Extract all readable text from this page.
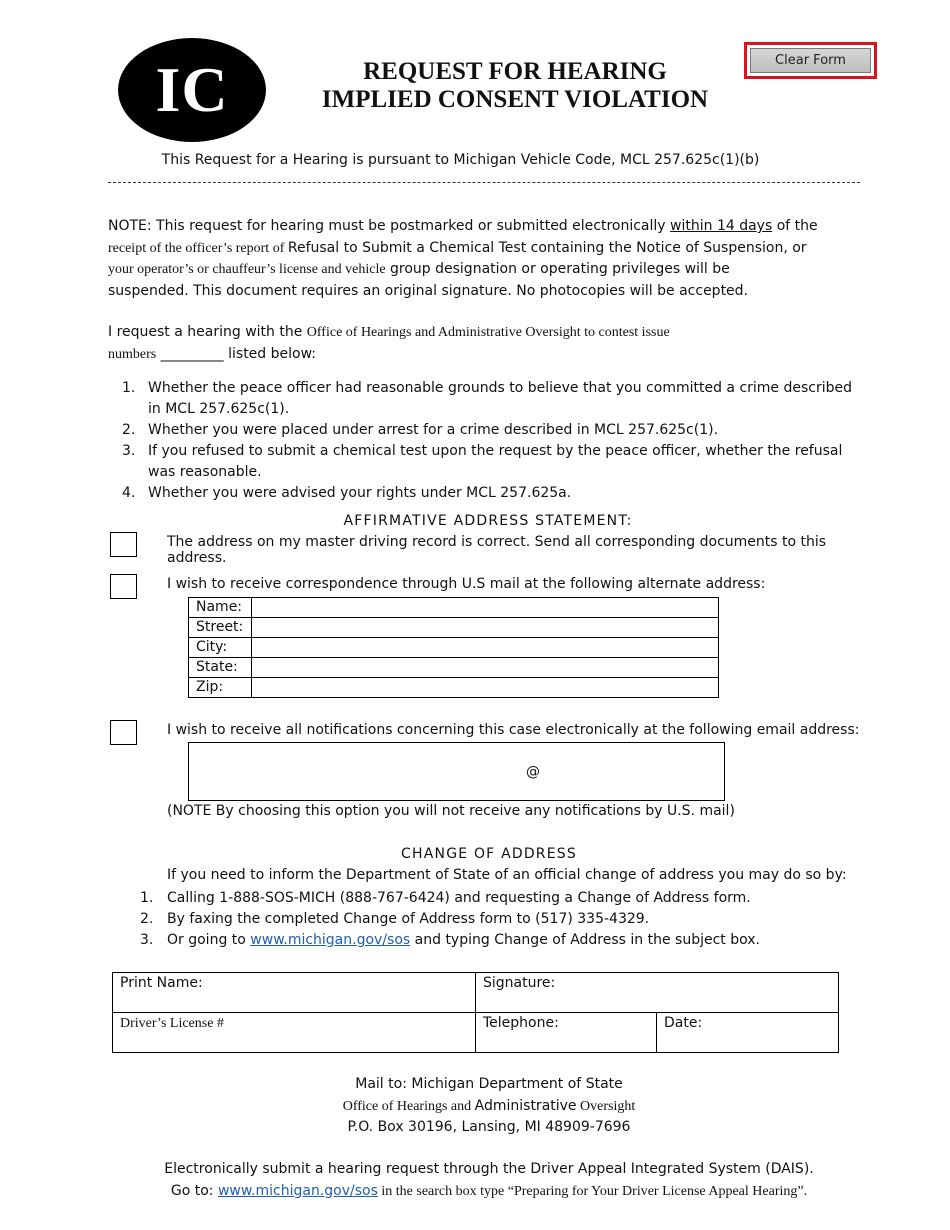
IC	REQUEST FOR HEARING
IMPLIED CONSENT VIOLATION
Clear Form
This Request for a Hearing is pursuant to Michigan Vehicle Code, MCL 257.625c(1)(b)
NOTE: This request for hearing must be postmarked or submitted electronically within 14 days of the
receipt of the officer’s report of Refusal to Submit a Chemical Test containing the Notice of Suspension, or
your operator’s or chauffeur’s license and vehicle group designation or operating privileges will be
suspended. This document requires an original signature. No photocopies will be accepted.
I request a hearing with the Office of Hearings and Administrative Oversight to contest issue
numbers _________ listed below:
1. Whether the peace officer had reasonable grounds to believe that you committed a crime described in MCL 257.625c(1).
2. Whether you were placed under arrest for a crime described in MCL 257.625c(1).
3. If you refused to submit a chemical test upon the request by the peace officer, whether the refusal was reasonable.
4. Whether you were advised your rights under MCL 257.625a.
AFFIRMATIVE ADDRESS STATEMENT:
The address on my master driving record is correct. Send all corresponding documents to this address.
I wish to receive correspondence through U.S mail at the following alternate address:
Name:	
Street:	
City:	
State:	
Zip:	
I wish to receive all notifications concerning this case electronically at the following email address:
@
(NOTE By choosing this option you will not receive any notifications by U.S. mail)
CHANGE OF ADDRESS
If you need to inform the Department of State of an official change of address you may do so by:
1. Calling 1-888-SOS-MICH (888-767-6424) and requesting a Change of Address form.
2. By faxing the completed Change of Address form to (517) 335-4329.
3. Or going to www.michigan.gov/sos and typing Change of Address in the subject box.
Print Name:	Signature:	
Driver’s License #	Telephone:	Date:
Mail to: Michigan Department of State
Office of Hearings and Administrative Oversight
P.O. Box 30196, Lansing, MI 48909-7696
Electronically submit a hearing request through the Driver Appeal Integrated System (DAIS).
Go to: www.michigan.gov/sos in the search box type “Preparing for Your Driver License Appeal Hearing”.
